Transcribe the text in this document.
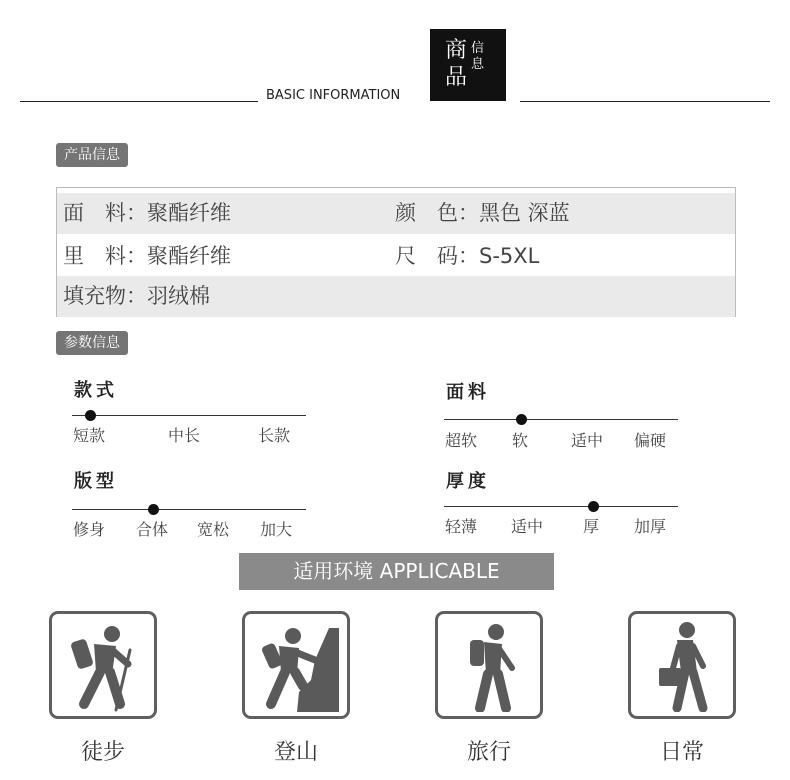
BASIC INFORMATION
商
品
信
息
产品信息
面　料：聚酯纤维	颜　色：黑色 深蓝
里　料：聚酯纤维	尺　码：S-5XL
填充物：羽绒棉
参数信息
款式
短款	中长	长款
面料
超软 软	适中 偏硬
版型
修身 合体 宽松 加大
厚度
轻薄 适中 厚 加厚
适用环境 APPLICABLE
徒步	登山	旅行	日常
